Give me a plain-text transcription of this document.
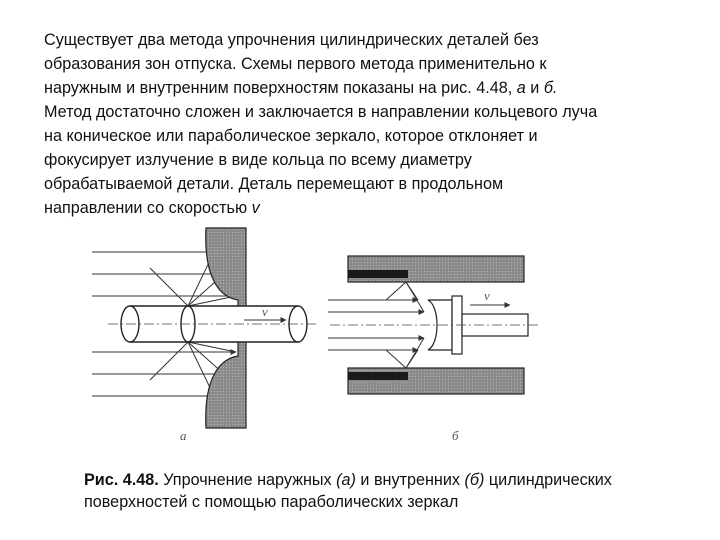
Существует два метода упрочнения цилиндрических деталей без
образования зон отпуска. Схемы первого метода применительно к
наружным и внутренним поверхностям показаны на рис. 4.48, а и б.
Метод достаточно сложен и заключается в направлении кольцевого луча
на коническое или параболическое зеркало, которое отклоняет и
фокусирует излучение в виде кольца по всему диаметру
обрабатываемой детали. Деталь перемещают в продольном
направлении со скоростью v

v
а
v
б

Рис. 4.48. Упрочнение наружных (а) и внутренних (б) цилиндрических
поверхностей с помощью параболических зеркал
